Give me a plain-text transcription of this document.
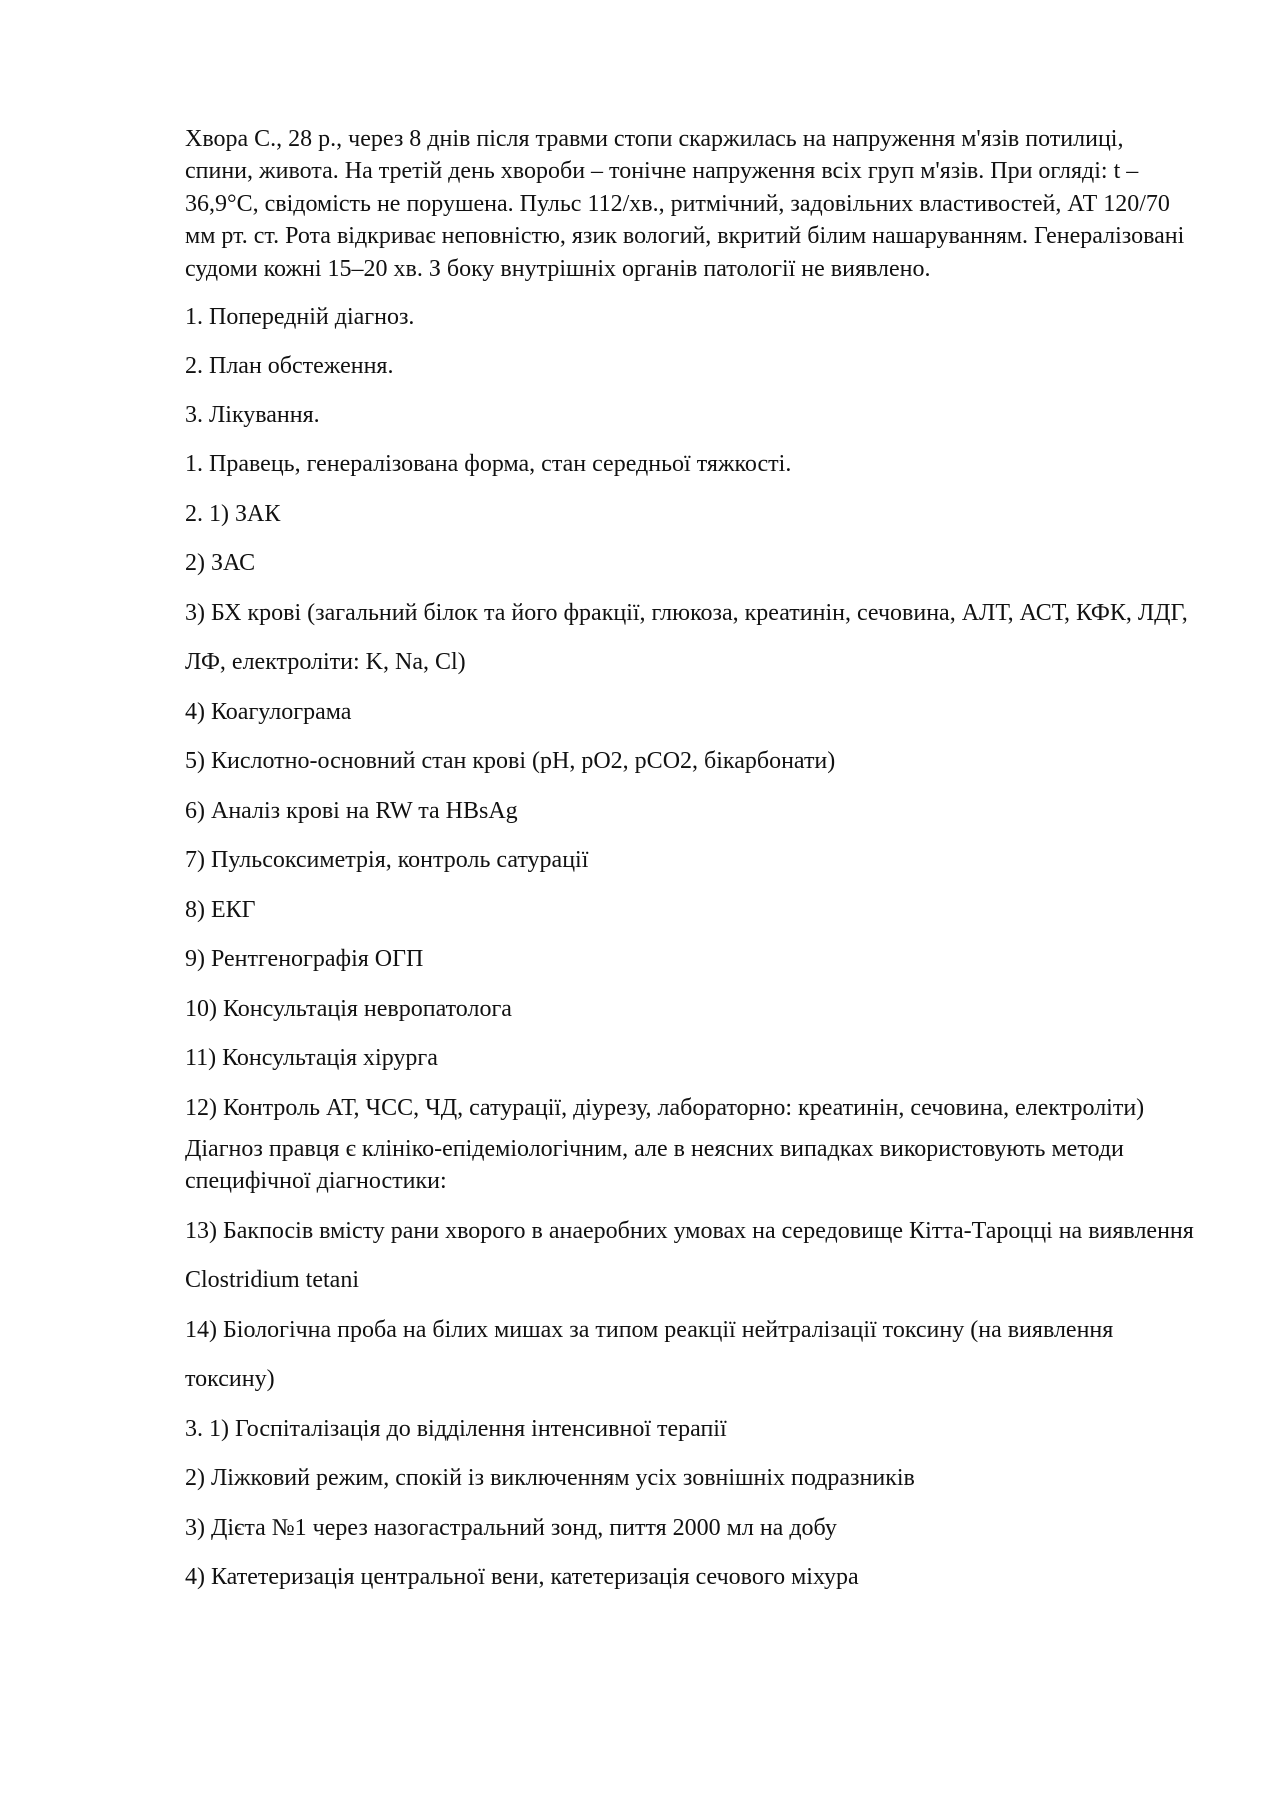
Хвора С., 28 р., через 8 днів після травми стопи скаржилась на напруження м'язів потилиці, спини, живота. На третій день хвороби – тонічне напруження всіх груп м'язів. При огляді: t – 36,9°С, свідомість не порушена. Пульс 112/хв., ритмічний, задовільних властивостей, АТ 120/70 мм рт. ст. Рота відкриває неповністю, язик вологий, вкритий білим нашаруванням. Генералізовані судоми кожні 15–20 хв. З боку внутрішніх органів патології не виявлено.

1. Попередній діагноз.

2. План обстеження.

3. Лікування.

1. Правець, генералізована форма, стан середньої тяжкості.

2. 1) ЗАК

2) ЗАС

3) БХ крові (загальний білок та його фракції, глюкоза, креатинін, сечовина, АЛТ, АСТ, КФК, ЛДГ, ЛФ, електроліти: K, Na, Cl)

4) Коагулограма

5) Кислотно-основний стан крові (pH, pO2, pCO2, бікарбонати)

6) Аналіз крові на RW та HBsAg

7) Пульсоксиметрія, контроль сатурації

8) ЕКГ

9) Рентгенографія ОГП

10) Консультація невропатолога

11) Консультація хірурга

12) Контроль АТ, ЧСС, ЧД, сатурації, діурезу, лабораторно: креатинін, сечовина, електроліти)

Діагноз правця є клініко-епідеміологічним, але в неясних випадках використовують методи специфічної діагностики:

13) Бакпосів вмісту рани хворого в анаеробних умовах на середовище Кітта-Тароцці на виявлення Clostridium tetani

14) Біологічна проба на білих мишах за типом реакції нейтралізації токсину (на виявлення токсину)

3. 1) Госпіталізація до відділення інтенсивної терапії

2) Ліжковий режим, спокій із виключенням усіх зовнішніх подразників

3) Дієта №1 через назогастральний зонд, пиття 2000 мл на добу

4) Катетеризація центральної вени, катетеризація сечового міхура
